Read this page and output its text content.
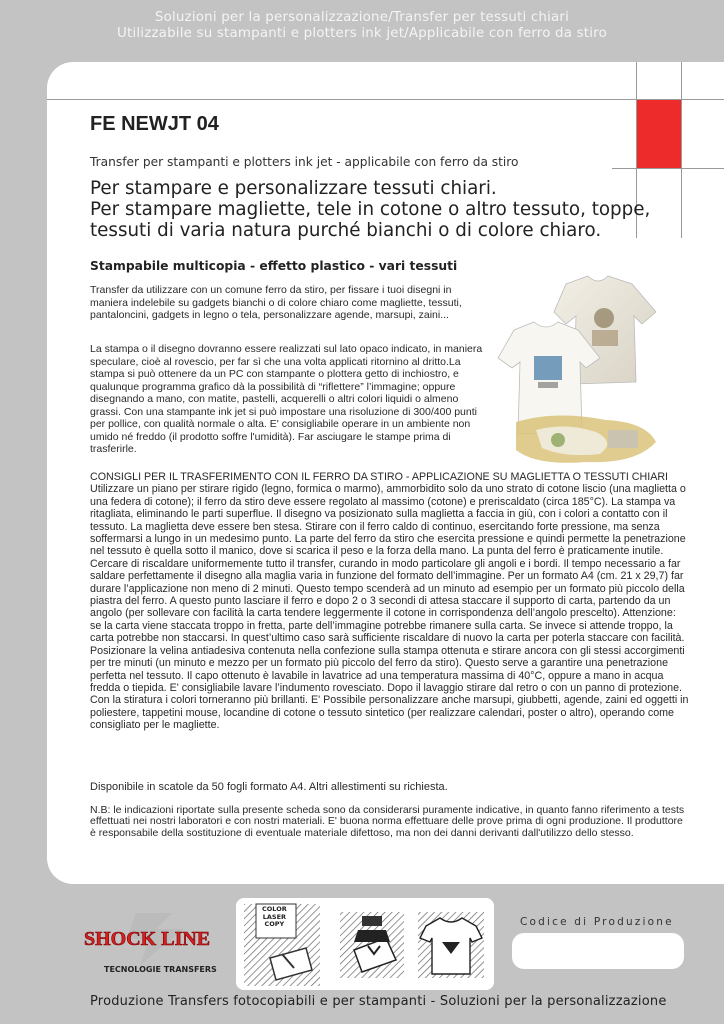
Soluzioni per la personalizzazione/Transfer per tessuti chiari
Utilizzabile su stampanti e plotters ink jet/Applicabile con ferro da stiro
FE NEWJT 04
Transfer per stampanti e plotters ink jet - applicabile con ferro da stiro
Per stampare e personalizzare tessuti chiari.
Per stampare magliette, tele in cotone o altro tessuto, toppe,
tessuti di varia natura purché bianchi o di colore chiaro.
Stampabile multicopia - effetto plastico - vari tessuti
Transfer da utilizzare con un comune ferro da stiro, per fissare i tuoi disegni in maniera indelebile su gadgets bianchi o di colore chiaro come magliette, tessuti, pantaloncini, gadgets in legno o tela, personalizzare agende, marsupi, zaini...
La stampa o il disegno dovranno essere realizzati sul lato opaco indicato, in maniera speculare, cioè al rovescio, per far sì che una volta applicati ritornino al dritto.La stampa si può ottenere da un PC con stampante o plottera getto di inchiostro, e qualunque programma grafico dà la possibilità di “riflettere” l’immagine; oppure disegnando a mano, con matite, pastelli, acquerelli o altri colori liquidi o almeno grassi. Con una stampante ink jet si può impostare una risoluzione di 300/400 punti per pollice, con qualità normale o alta. E' consigliabile operare in un ambiente non umido né freddo (il prodotto soffre l'umidità). Far asciugare le stampe prima di trasferirle.
CONSIGLI PER IL TRASFERIMENTO CON IL FERRO DA STIRO - APPLICAZIONE SU MAGLIETTA O TESSUTI CHIARI Utilizzare un piano per stirare rigido (legno, formica o marmo), ammorbidito solo da uno strato di cotone liscio (una maglietta o una federa di cotone); il ferro da stiro deve essere regolato al massimo (cotone) e preriscaldato (circa 185°C). La stampa va ritagliata, eliminando le parti superflue. Il disegno va posizionato sulla maglietta a faccia in giù, con i colori a contatto con il tessuto. La maglietta deve essere ben stesa. Stirare con il ferro caldo di continuo, esercitando forte pressione, ma senza soffermarsi a lungo in un medesimo punto. La parte del ferro da stiro che esercita pressione e quindi permette la penetrazione nel tessuto è quella sotto il manico, dove si scarica il peso e la forza della mano. La punta del ferro è praticamente inutile. Cercare di riscaldare uniformemente tutto il transfer, curando in modo particolare gli angoli e i bordi. Il tempo necessario a far saldare perfettamente il disegno alla maglia varia in funzione del formato dell’immagine. Per un formato A4 (cm. 21 x 29,7) far durare l’applicazione non meno di 2 minuti. Questo tempo scenderà ad un minuto ad esempio per un formato più piccolo della piastra del ferro. A questo punto lasciare il ferro e dopo 2 o 3 secondi di attesa staccare il supporto di carta, partendo da un angolo (per sollevare con facilità la carta tendere leggermente il cotone in corrispondenza dell’angolo prescelto). Attenzione: se la carta viene staccata troppo in fretta, parte dell’immagine potrebbe rimanere sulla carta. Se invece si attende troppo, la carta potrebbe non staccarsi. In quest’ultimo caso sarà sufficiente riscaldare di nuovo la carta per poterla staccare con facilità. Posizionare la velina antiadesiva contenuta nella confezione sulla stampa ottenuta e stirare ancora con gli stessi accorgimenti per tre minuti (un minuto e mezzo per un formato più piccolo del ferro da stiro). Questo serve a garantire una penetrazione perfetta nel tessuto. Il capo ottenuto è lavabile in lavatrice ad una temperatura massima di 40°C, oppure a mano in acqua fredda o tiepida. E' consigliabile lavare l’indumento rovesciato. Dopo il lavaggio stirare dal retro o con un panno di protezione. Con la stiratura i colori torneranno più brillanti. E' Possibile personalizzare anche marsupi, giubbetti, agende, zaini ed oggetti in poliestere, tappetini mouse, locandine di cotone o tessuto sintetico (per realizzare calendari, poster o altro), operando come consigliato per le magliette.
Disponibile in scatole da 50 fogli formato A4. Altri allestimenti su richiesta.
N.B: le indicazioni riportate sulla presente scheda sono da considerarsi puramente indicative, in quanto fanno riferimento a tests effettuati nei nostri laboratori e con nostri materiali. E' buona norma effettuare delle prove prima di ogni produzione. Il produttore è responsabile della sostituzione di eventuale materiale difettoso, ma non dei danni derivanti dall'utilizzo dello stesso.
SHOCK LINE
TECNOLOGIE TRANSFERS
COLOR
LASER
COPY	Codice di Produzione
Produzione Transfers fotocopiabili e per stampanti - Soluzioni per la personalizzazione
